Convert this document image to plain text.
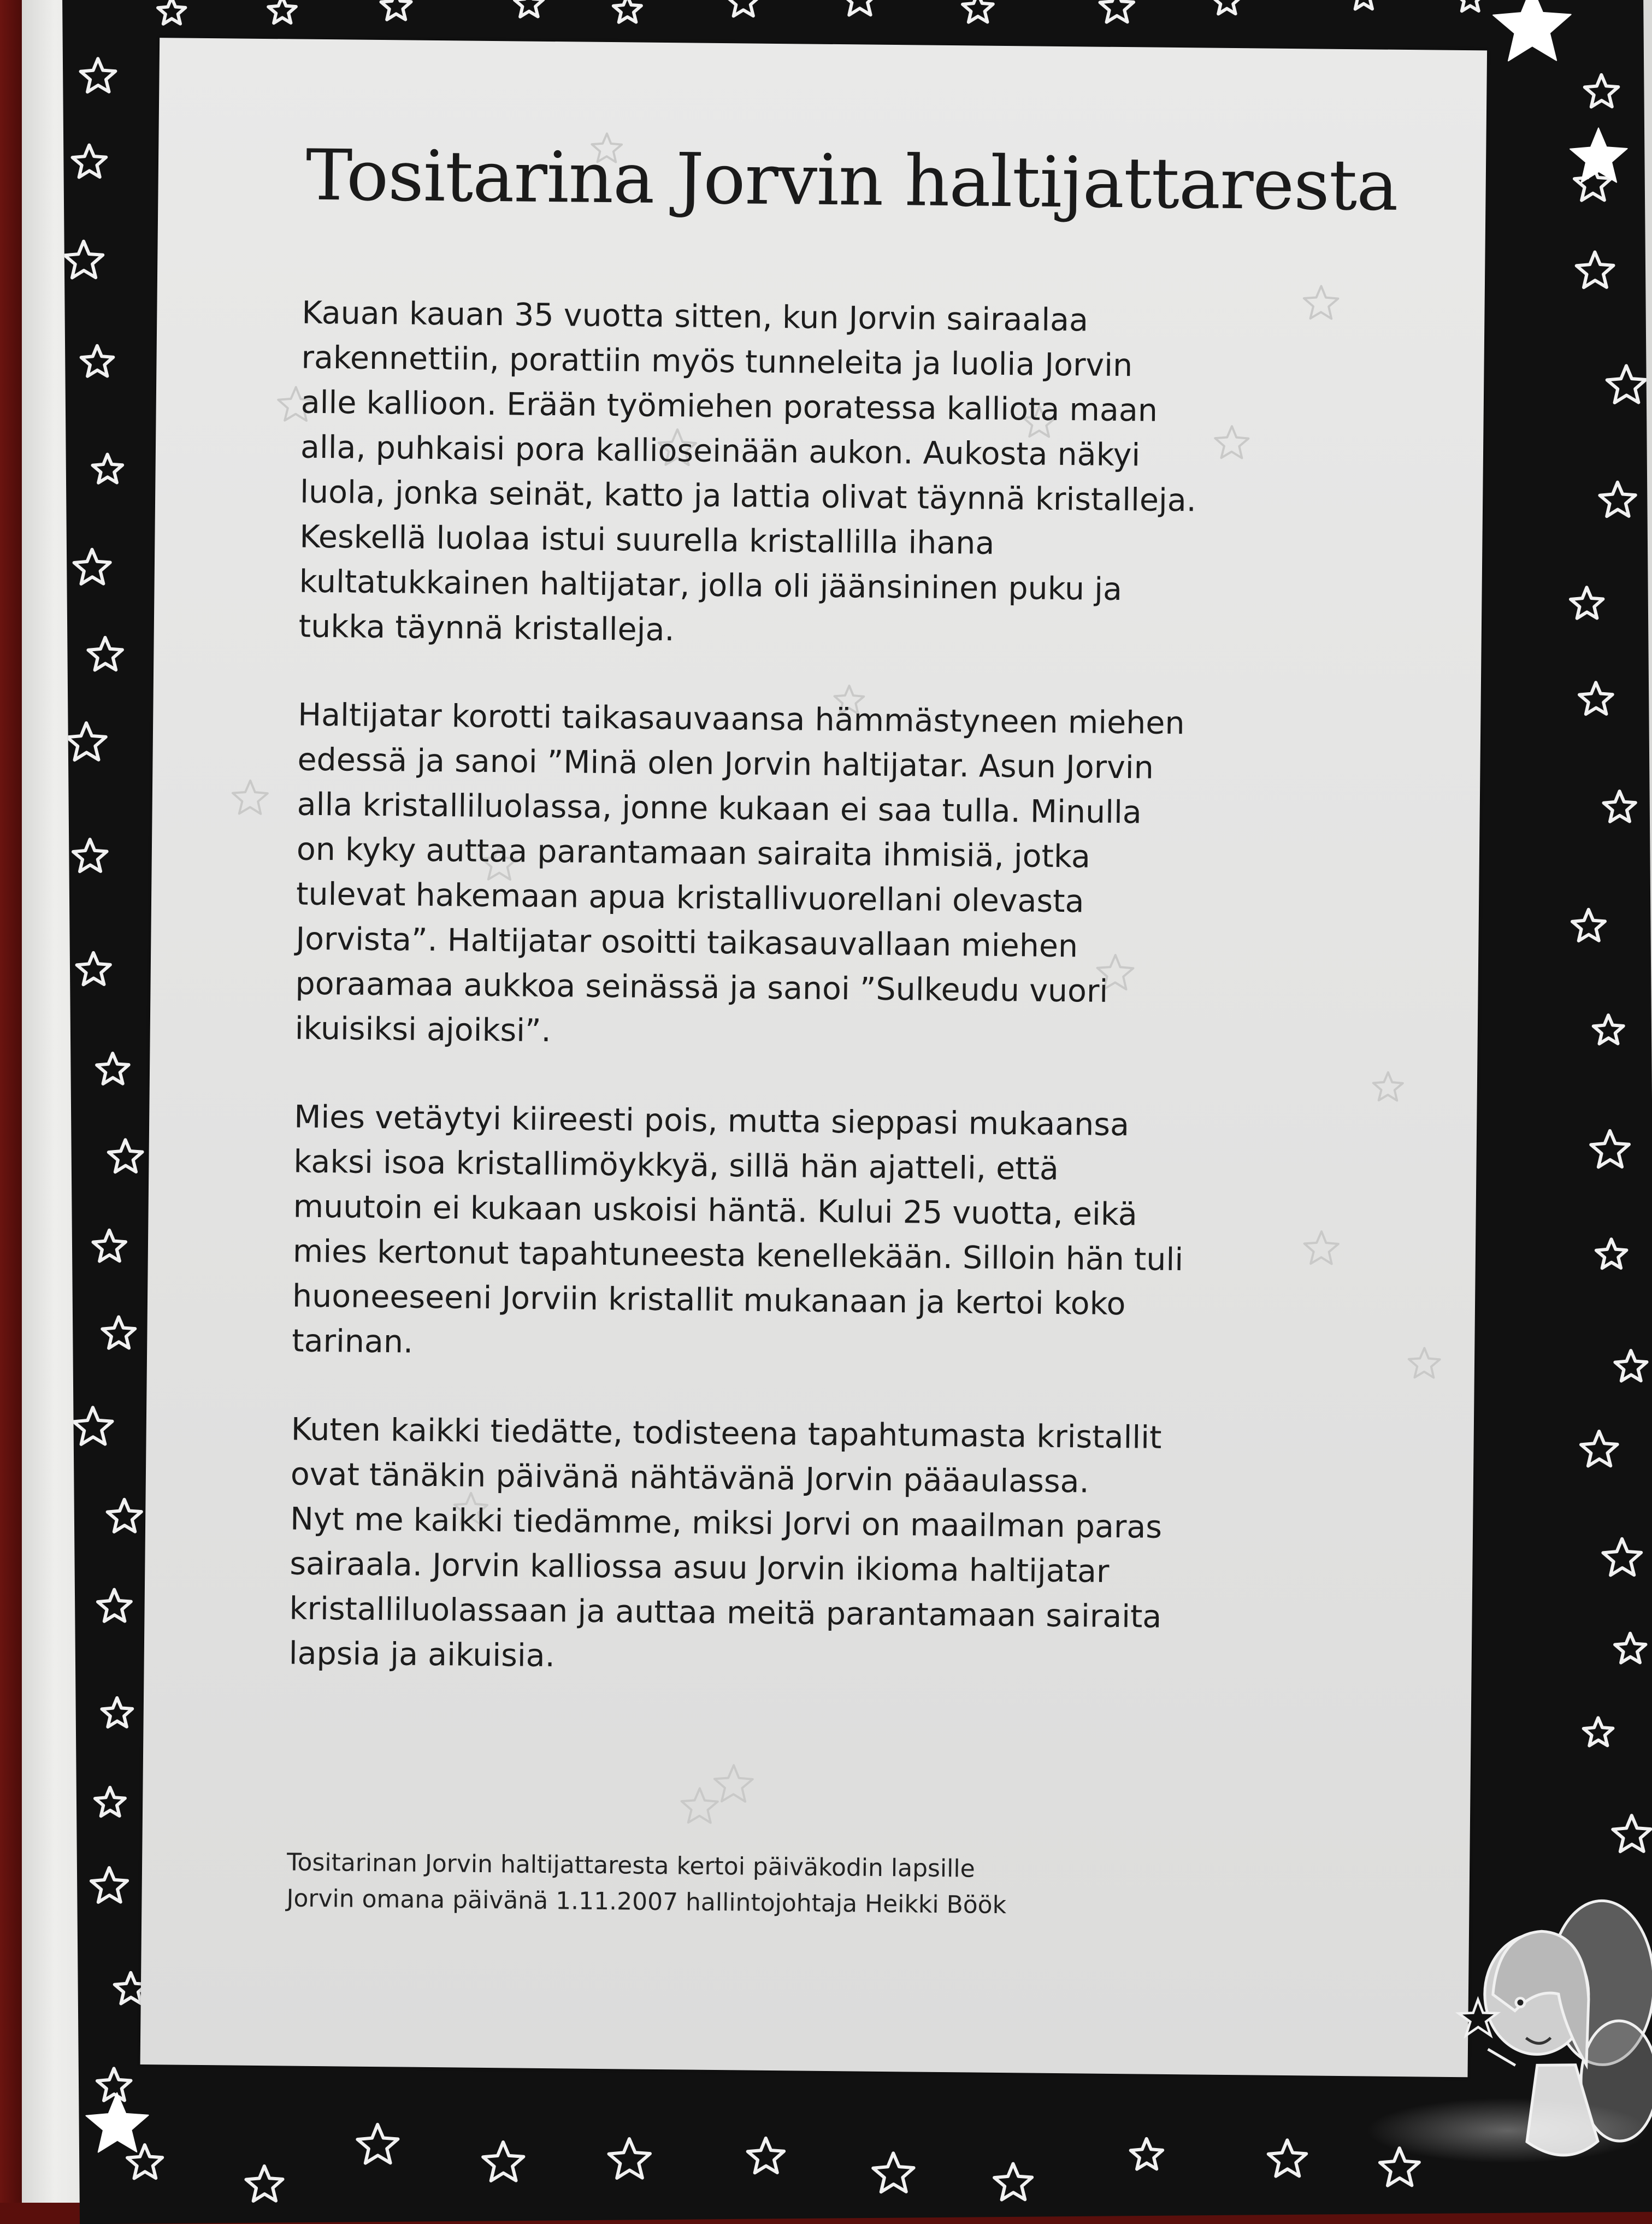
Tositarina Jorvin haltijattaresta

Kauan kauan 35 vuotta sitten, kun Jorvin sairaalaa
rakennettiin, porattiin myös tunneleita ja luolia Jorvin
alle kallioon. Erään työmiehen poratessa kalliota maan
alla, puhkaisi pora kallioseinään aukon. Aukosta näkyi
luola, jonka seinät, katto ja lattia olivat täynnä kristalleja.
Keskellä luolaa istui suurella kristallilla ihana
kultatukkainen haltijatar, jolla oli jäänsininen puku ja
tukka täynnä kristalleja.

Haltijatar korotti taikasauvaansa hämmästyneen miehen
edessä ja sanoi ”Minä olen Jorvin haltijatar. Asun Jorvin
alla kristalliluolassa, jonne kukaan ei saa tulla. Minulla
on kyky auttaa parantamaan sairaita ihmisiä, jotka
tulevat hakemaan apua kristallivuorellani olevasta
Jorvista”. Haltijatar osoitti taikasauvallaan miehen
poraamaa aukkoa seinässä ja sanoi ”Sulkeudu vuori
ikuisiksi ajoiksi”.

Mies vetäytyi kiireesti pois, mutta sieppasi mukaansa
kaksi isoa kristallimöykkyä, sillä hän ajatteli, että
muutoin ei kukaan uskoisi häntä. Kului 25 vuotta, eikä
mies kertonut tapahtuneesta kenellekään. Silloin hän tuli
huoneeseeni Jorviin kristallit mukanaan ja kertoi koko
tarinan.

Kuten kaikki tiedätte, todisteena tapahtumasta kristallit
ovat tänäkin päivänä nähtävänä Jorvin pääaulassa.
Nyt me kaikki tiedämme, miksi Jorvi on maailman paras
sairaala. Jorvin kalliossa asuu Jorvin ikioma haltijatar
kristalliluolassaan ja auttaa meitä parantamaan sairaita
lapsia ja aikuisia.

Tositarinan Jorvin haltijattaresta kertoi päiväkodin lapsille
Jorvin omana päivänä 1.11.2007 hallintojohtaja Heikki Böök
